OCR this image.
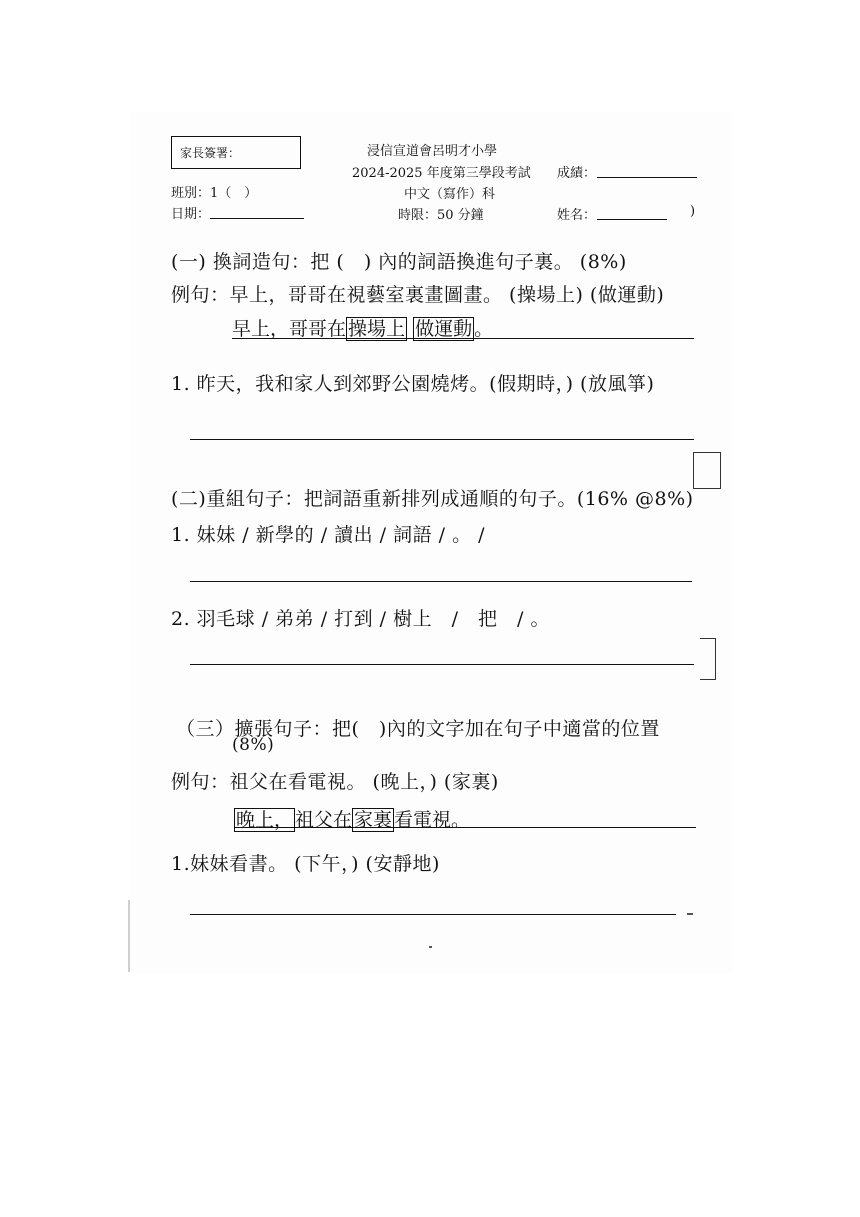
家長簽署：	浸信宣道會呂明才小學
2024-2025 年度第三學段考試
中文（寫作）科
時限：50 分鐘
成績：
班別：1（　）
日期：	姓名：	)
(一) 換詞造句：把 (　) 內的詞語換進句子裏。 (8%)
例句：早上，哥哥在視藝室裏畫圖畫。 (操場上) (做運動)
早上，哥哥在 操場上 做運動 。
1. 昨天，我和家人到郊野公園燒烤。(假期時，) (放風箏)
(二)重組句子：把詞語重新排列成通順的句子。(16% @8%)
1. 妹妹 / 新學的 / 讀出 / 詞語 / 。 /
2. 羽毛球 / 弟弟 / 打到 / 樹上　/　把　/ 。
（三）擴張句子：把(　)內的文字加在句子中適當的位置
(8%)
例句：祖父在看電視。 (晚上，) (家裏)
晚上， 祖父在 家裏 看電視。
1.妹妹看書。 (下午，) (安靜地)
